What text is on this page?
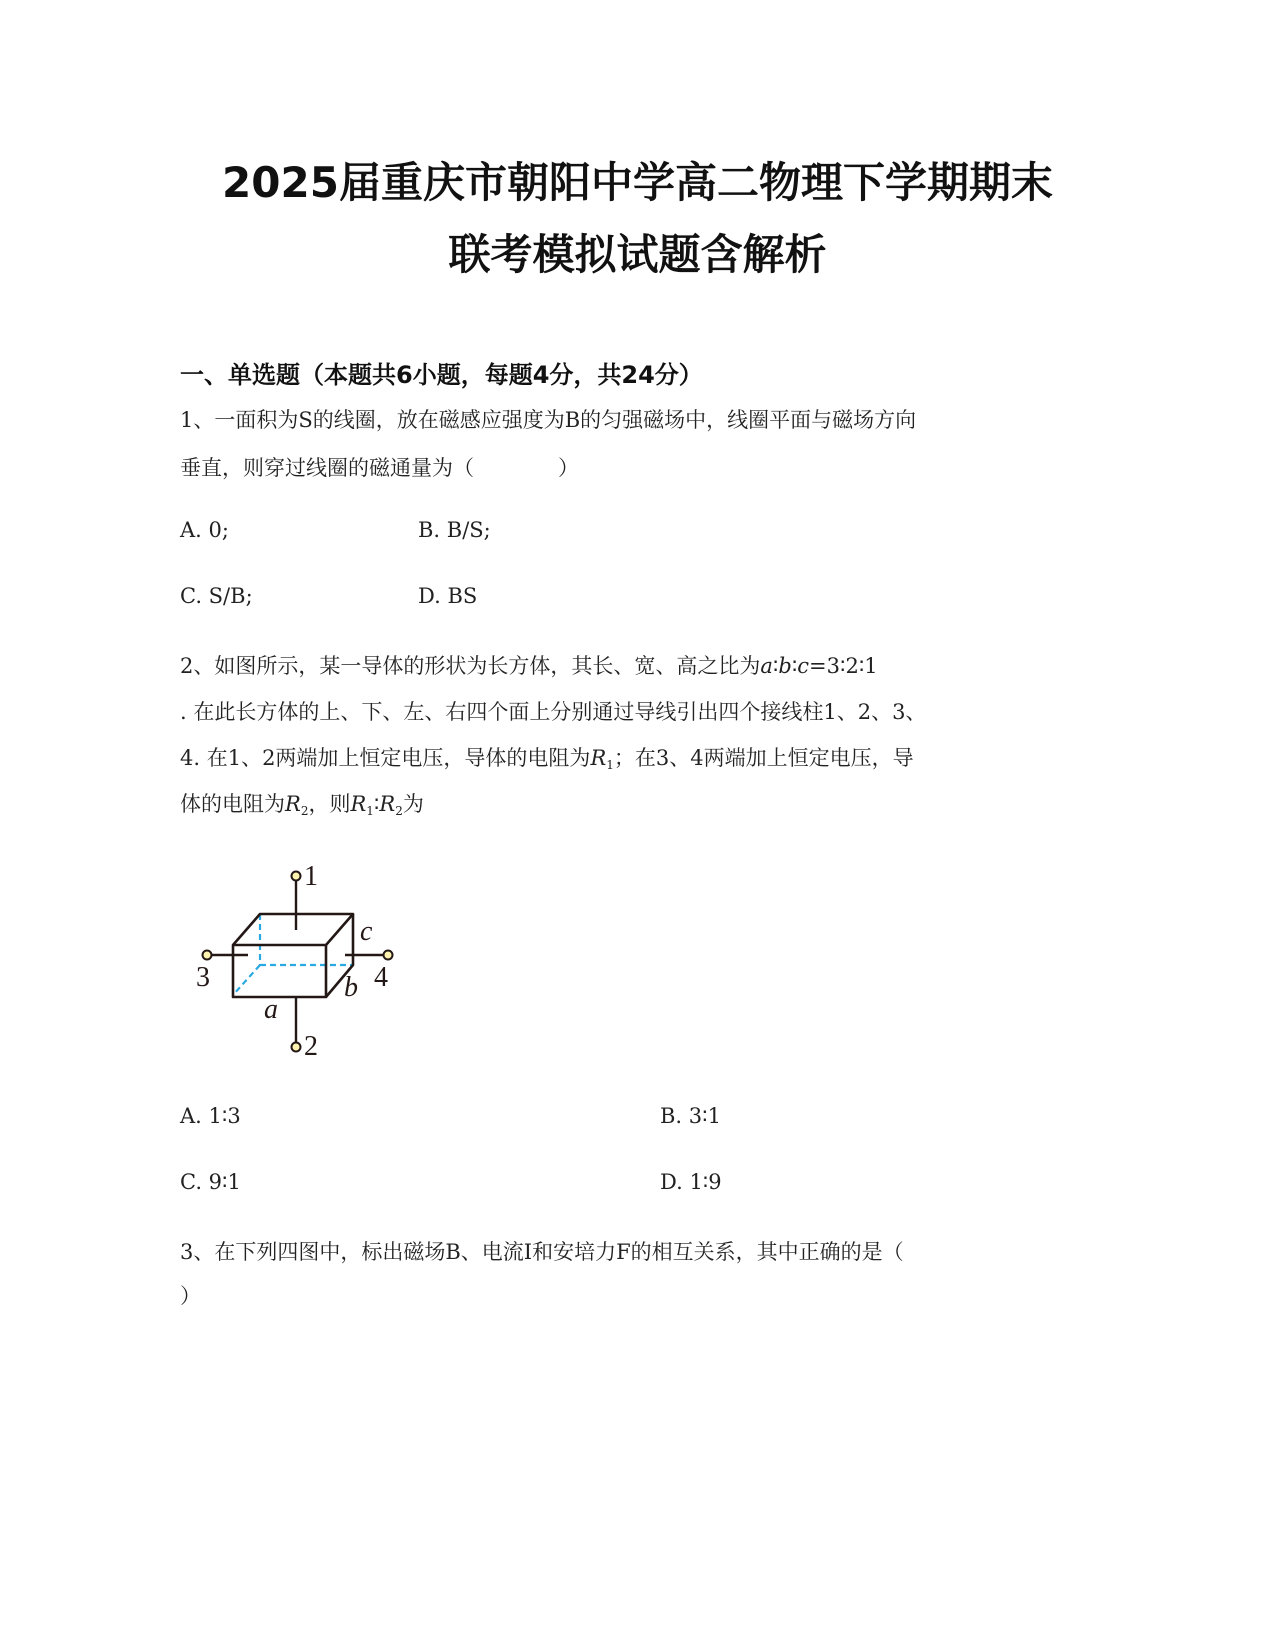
2025届重庆市朝阳中学高二物理下学期期末
联考模拟试题含解析
一、单选题（本题共6小题，每题4分，共24分）
1、一面积为S的线圈，放在磁感应强度为B的匀强磁场中，线圈平面与磁场方向
垂直，则穿过线圈的磁通量为（　　　　）
A. 0;	B. B/S;
C. S/B;	D. BS
2、如图所示，某一导体的形状为长方体，其长、宽、高之比为a∶b∶c=3∶2∶1
. 在此长方体的上、下、左、右四个面上分别通过导线引出四个接线柱1、2、3、
4. 在1、2两端加上恒定电压，导体的电阻为$R_1$；在3、4两端加上恒定电压，导
体的电阻为$R_2$，则$R_1∶R_2$为
1
2
3	4
a
b
c
A. 1∶3	B. 3∶1
C. 9∶1	D. 1∶9
3、在下列四图中，标出磁场B、电流I和安培力F的相互关系，其中正确的是（
）
